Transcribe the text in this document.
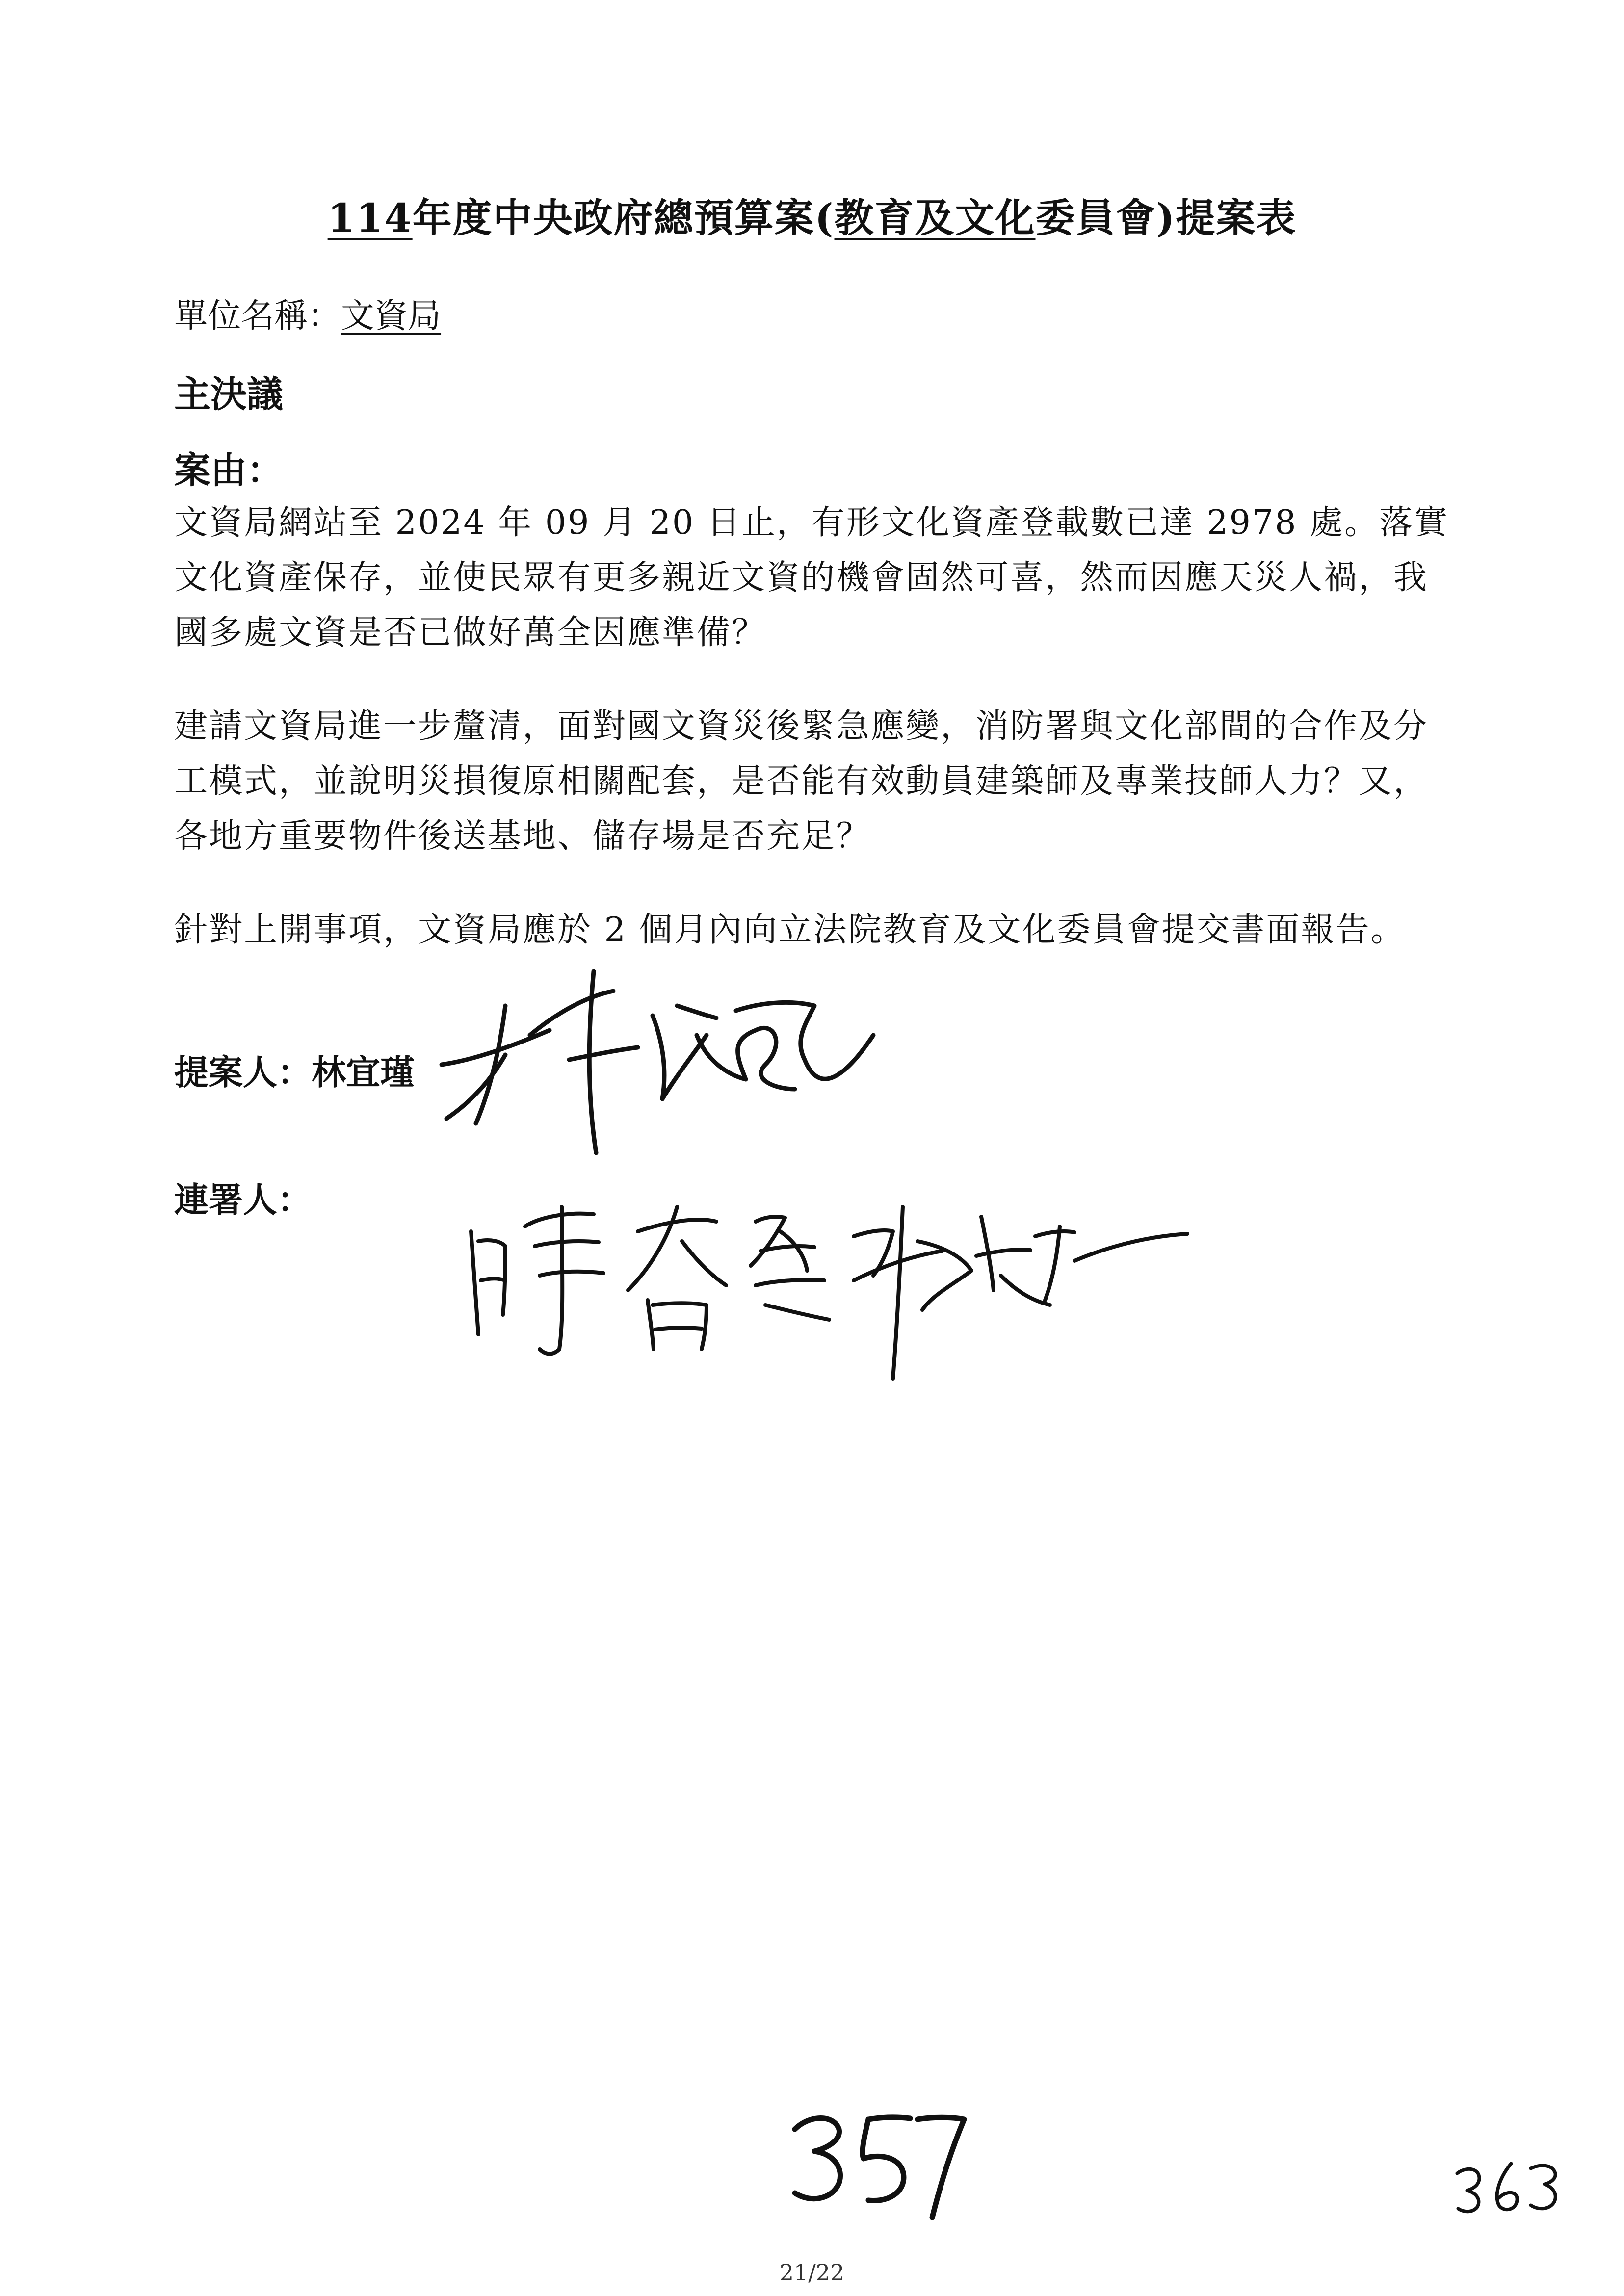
114年度中央政府總預算案(教育及文化委員會)提案表
單位名稱：文資局
主決議
案由：

文資局網站至 2024 年 09 月 20 日止，有形文化資產登載數已達 2978 處。落實文化資產保存，並使民眾有更多親近文資的機會固然可喜，然而因應天災人禍，我國多處文資是否已做好萬全因應準備？

建請文資局進一步釐清，面對國文資災後緊急應變，消防署與文化部間的合作及分工模式，並說明災損復原相關配套，是否能有效動員建築師及專業技師人力？又，各地方重要物件後送基地、儲存場是否充足？

針對上開事項，文資局應於 2 個月內向立法院教育及文化委員會提交書面報告。

提案人：林宜瑾
連署人：
21/22
